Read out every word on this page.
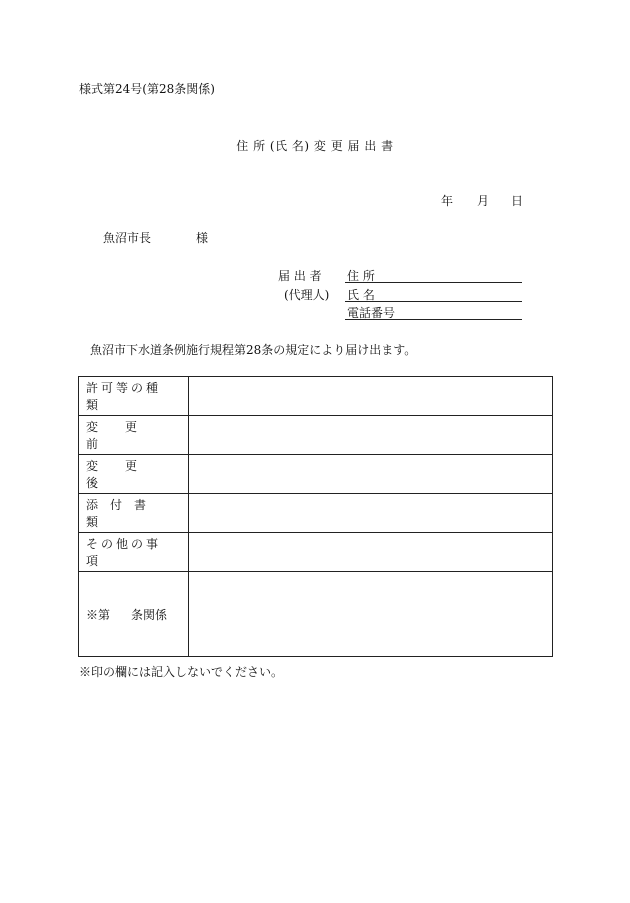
様式第24号(第28条関係)
住 所 (氏 名) 変 更 届 出 書
年 月 日
魚沼市長	様
届 出 者
(代理人)
住 所
氏 名
電話番号
魚沼市下水道条例施行規程第28条の規定により届け出ます。
許可等の種類	

変更前	

変更後	

添付書類	

その他の事項	

※第 条関係	

※印の欄には記入しないでください。
